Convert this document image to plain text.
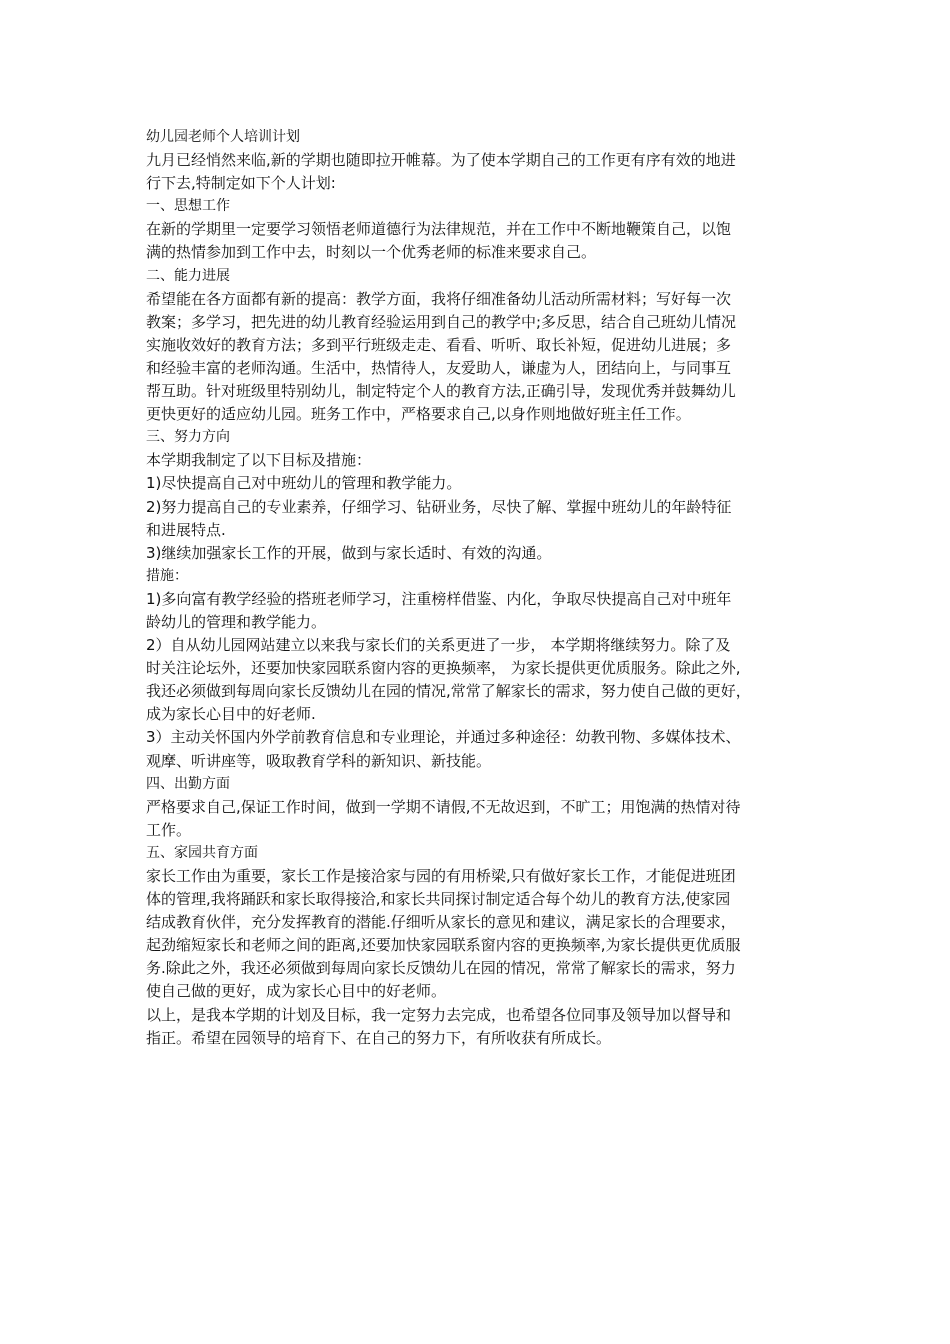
幼儿园老师个人培训计划
九月已经悄然来临,新的学期也随即拉开帷幕。为了使本学期自己的工作更有序有效的地进
行下去,特制定如下个人计划:
一、思想工作
在新的学期里一定要学习领悟老师道德行为法律规范，并在工作中不断地鞭策自己，以饱
满的热情参加到工作中去，时刻以一个优秀老师的标准来要求自己。
二、能力进展
希望能在各方面都有新的提高：教学方面，我将仔细准备幼儿活动所需材料；写好每一次
教案；多学习，把先进的幼儿教育经验运用到自己的教学中;多反思，结合自己班幼儿情况
实施收效好的教育方法；多到平行班级走走、看看、听听、取长补短，促进幼儿进展；多
和经验丰富的老师沟通。生活中，热情待人，友爱助人，谦虚为人，团结向上，与同事互
帮互助。针对班级里特别幼儿，制定特定个人的教育方法,正确引导，发现优秀并鼓舞幼儿
更快更好的适应幼儿园。班务工作中，严格要求自己,以身作则地做好班主任工作。
三、努力方向
本学期我制定了以下目标及措施：
1)尽快提高自己对中班幼儿的管理和教学能力。
2)努力提高自己的专业素养，仔细学习、钻研业务，尽快了解、掌握中班幼儿的年龄特征
和进展特点.
3)继续加强家长工作的开展，做到与家长适时、有效的沟通。
措施：
1)多向富有教学经验的搭班老师学习，注重榜样借鉴、内化，争取尽快提高自己对中班年
龄幼儿的管理和教学能力。
2）自从幼儿园网站建立以来我与家长们的关系更进了一步， 本学期将继续努力。除了及
时关注论坛外，还要加快家园联系窗内容的更换频率， 为家长提供更优质服务。除此之外,
我还必须做到每周向家长反馈幼儿在园的情况,常常了解家长的需求，努力使自己做的更好，
成为家长心目中的好老师.
3）主动关怀国内外学前教育信息和专业理论，并通过多种途径：幼教刊物、多媒体技术、
观摩、听讲座等，吸取教育学科的新知识、新技能。
四、出勤方面
严格要求自己,保证工作时间，做到一学期不请假,不无故迟到，不旷工；用饱满的热情对待
工作。
五、家园共育方面
家长工作由为重要，家长工作是接洽家与园的有用桥梁,只有做好家长工作，才能促进班团
体的管理,我将踊跃和家长取得接洽,和家长共同探讨制定适合每个幼儿的教育方法,使家园
结成教育伙伴，充分发挥教育的潜能.仔细听从家长的意见和建议，满足家长的合理要求，
起劲缩短家长和老师之间的距离,还要加快家园联系窗内容的更换频率,为家长提供更优质服
务.除此之外，我还必须做到每周向家长反馈幼儿在园的情况，常常了解家长的需求，努力
使自己做的更好，成为家长心目中的好老师。
以上，是我本学期的计划及目标，我一定努力去完成，也希望各位同事及领导加以督导和
指正。希望在园领导的培育下、在自己的努力下，有所收获有所成长。
